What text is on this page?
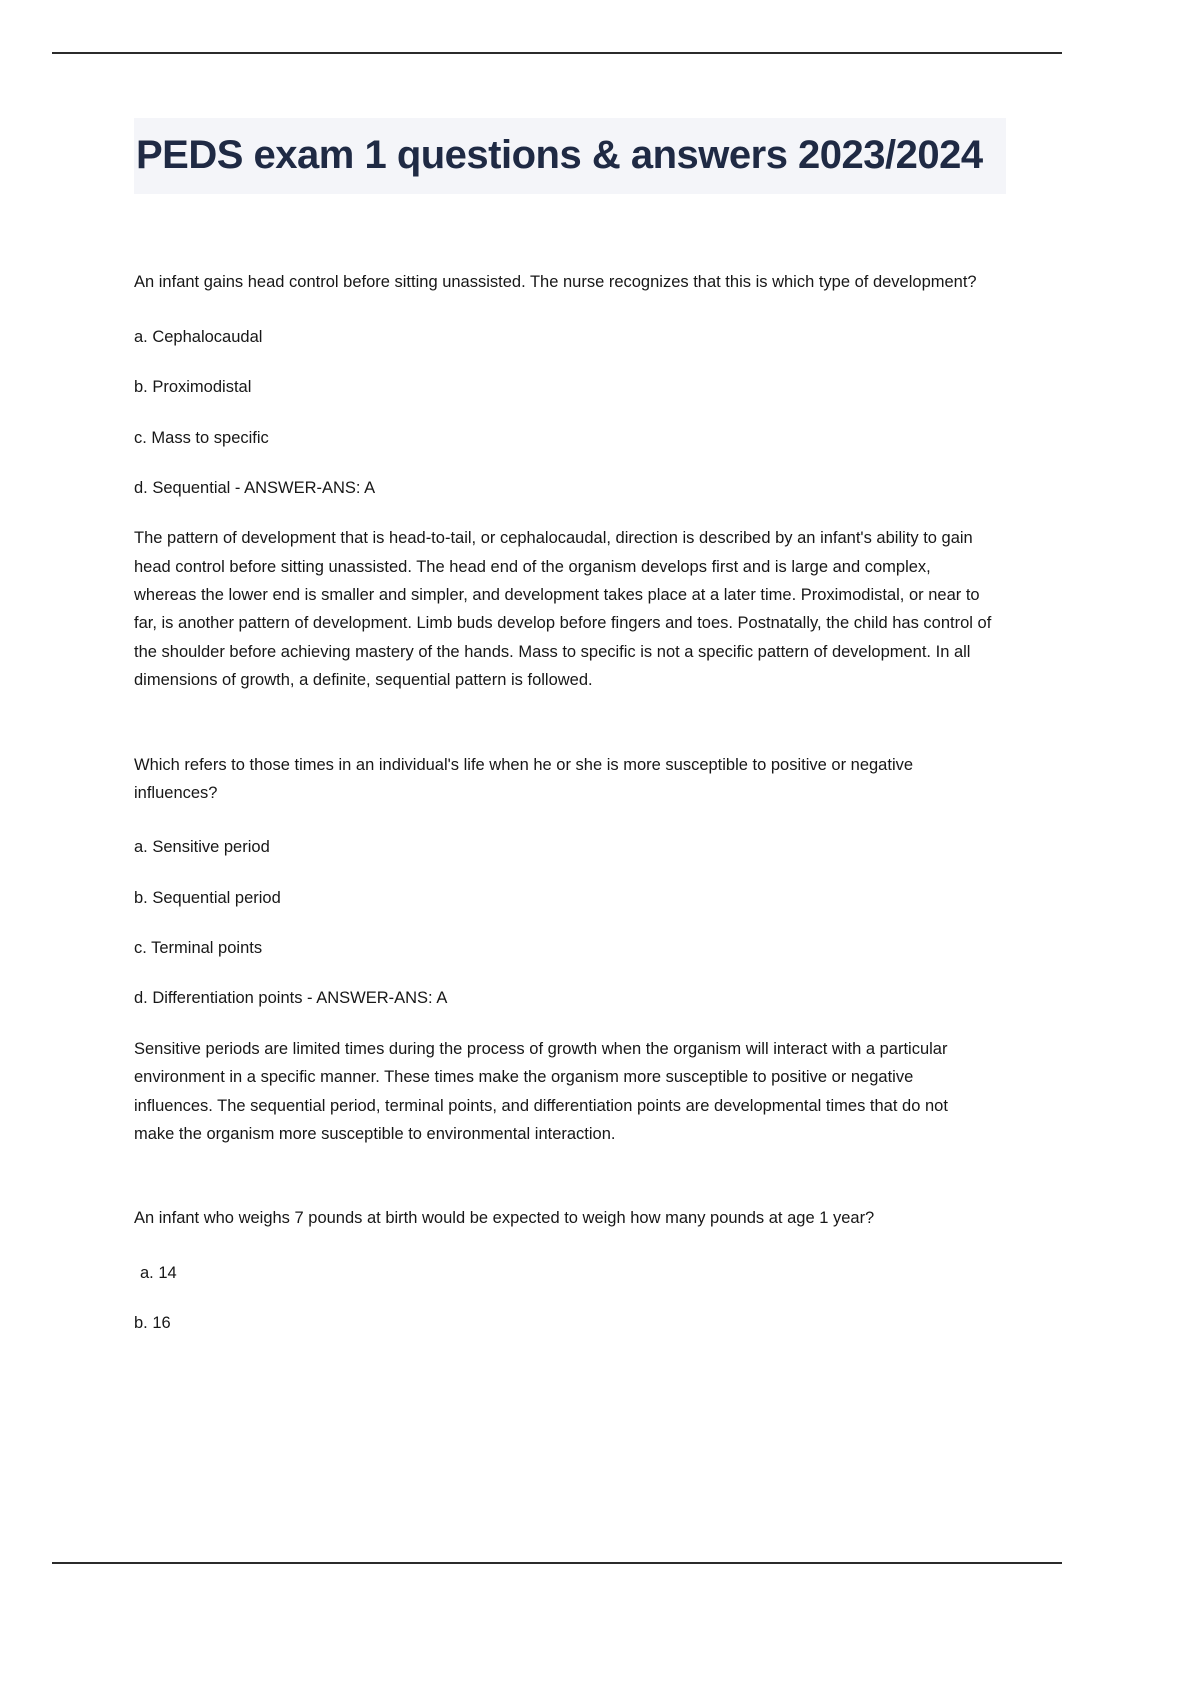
PEDS exam 1 questions & answers 2023/2024

An infant gains head control before sitting unassisted. The nurse recognizes that this is which type of development?

a. Cephalocaudal

b. Proximodistal

c. Mass to specific

d. Sequential - ANSWER-ANS: A

The pattern of development that is head-to-tail, or cephalocaudal, direction is described by an infant's ability to gain head control before sitting unassisted. The head end of the organism develops first and is large and complex, whereas the lower end is smaller and simpler, and development takes place at a later time. Proximodistal, or near to far, is another pattern of development. Limb buds develop before fingers and toes. Postnatally, the child has control of the shoulder before achieving mastery of the hands. Mass to specific is not a specific pattern of development. In all dimensions of growth, a definite, sequential pattern is followed.

Which refers to those times in an individual's life when he or she is more susceptible to positive or negative influences?

a. Sensitive period

b. Sequential period

c. Terminal points

d. Differentiation points - ANSWER-ANS: A

Sensitive periods are limited times during the process of growth when the organism will interact with a particular environment in a specific manner. These times make the organism more susceptible to positive or negative influences. The sequential period, terminal points, and differentiation points are developmental times that do not make the organism more susceptible to environmental interaction.

An infant who weighs 7 pounds at birth would be expected to weigh how many pounds at age 1 year?

a. 14

b. 16
